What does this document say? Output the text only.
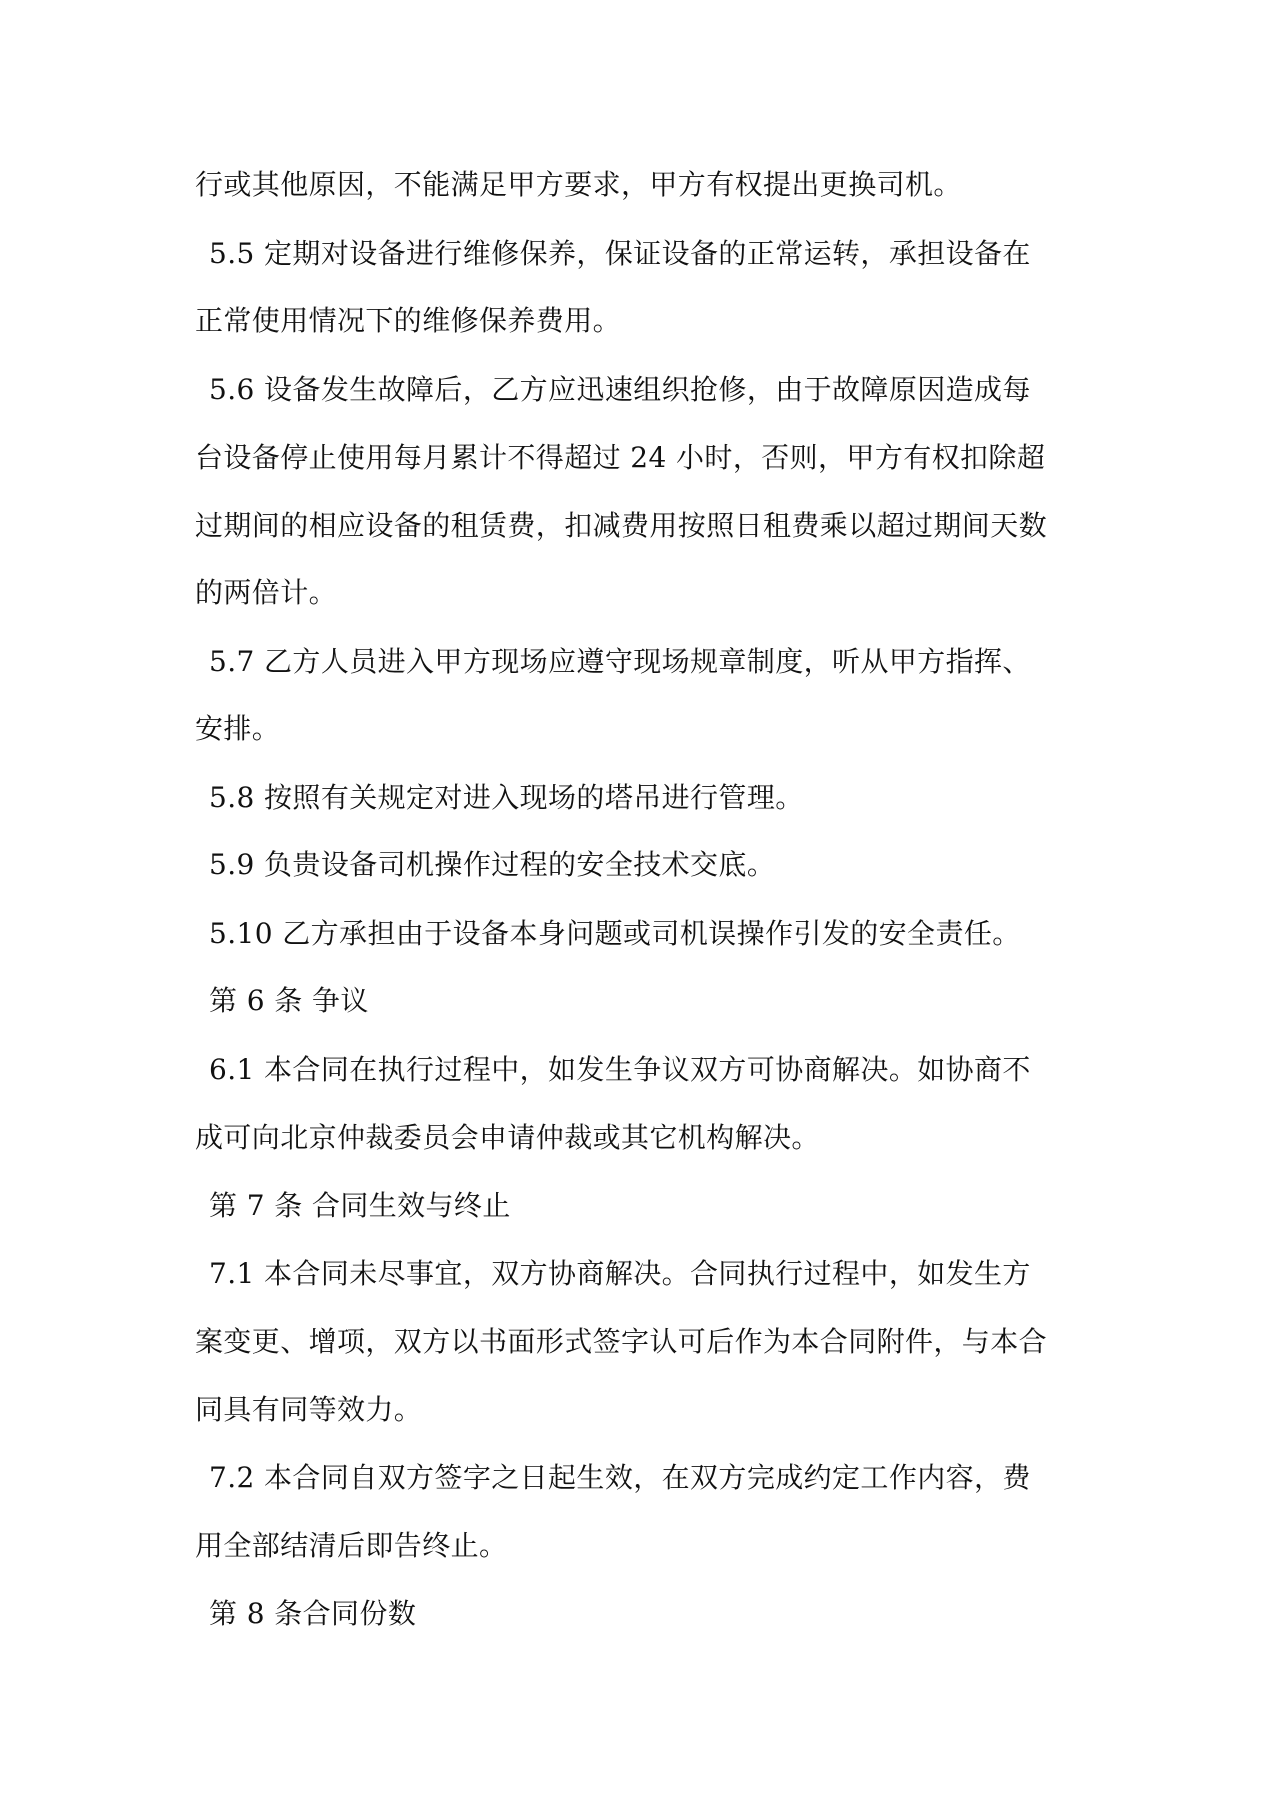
行或其他原因，不能满足甲方要求，甲方有权提出更换司机。
5.5 定期对设备进行维修保养，保证设备的正常运转，承担设备在
正常使用情况下的维修保养费用。
5.6 设备发生故障后，乙方应迅速组织抢修，由于故障原因造成每
台设备停止使用每月累计不得超过 24 小时，否则，甲方有权扣除超
过期间的相应设备的租赁费，扣减费用按照日租费乘以超过期间天数
的两倍计。
5.7 乙方人员进入甲方现场应遵守现场规章制度，听从甲方指挥、
安排。
5.8 按照有关规定对进入现场的塔吊进行管理。
5.9 负贵设备司机操作过程的安全技术交底。
5.10 乙方承担由于设备本身问题或司机误操作引发的安全责任。
第 6 条 争议
6.1 本合同在执行过程中，如发生争议双方可协商解决。如协商不
成可向北京仲裁委员会申请仲裁或其它机构解决。
第 7 条 合同生效与终止
7.1 本合同未尽事宜，双方协商解决。合同执行过程中，如发生方
案变更、增项，双方以书面形式签字认可后作为本合同附件，与本合
同具有同等效力。
7.2 本合同自双方签字之日起生效，在双方完成约定工作内容，费
用全部结清后即告终止。
第 8 条合同份数
